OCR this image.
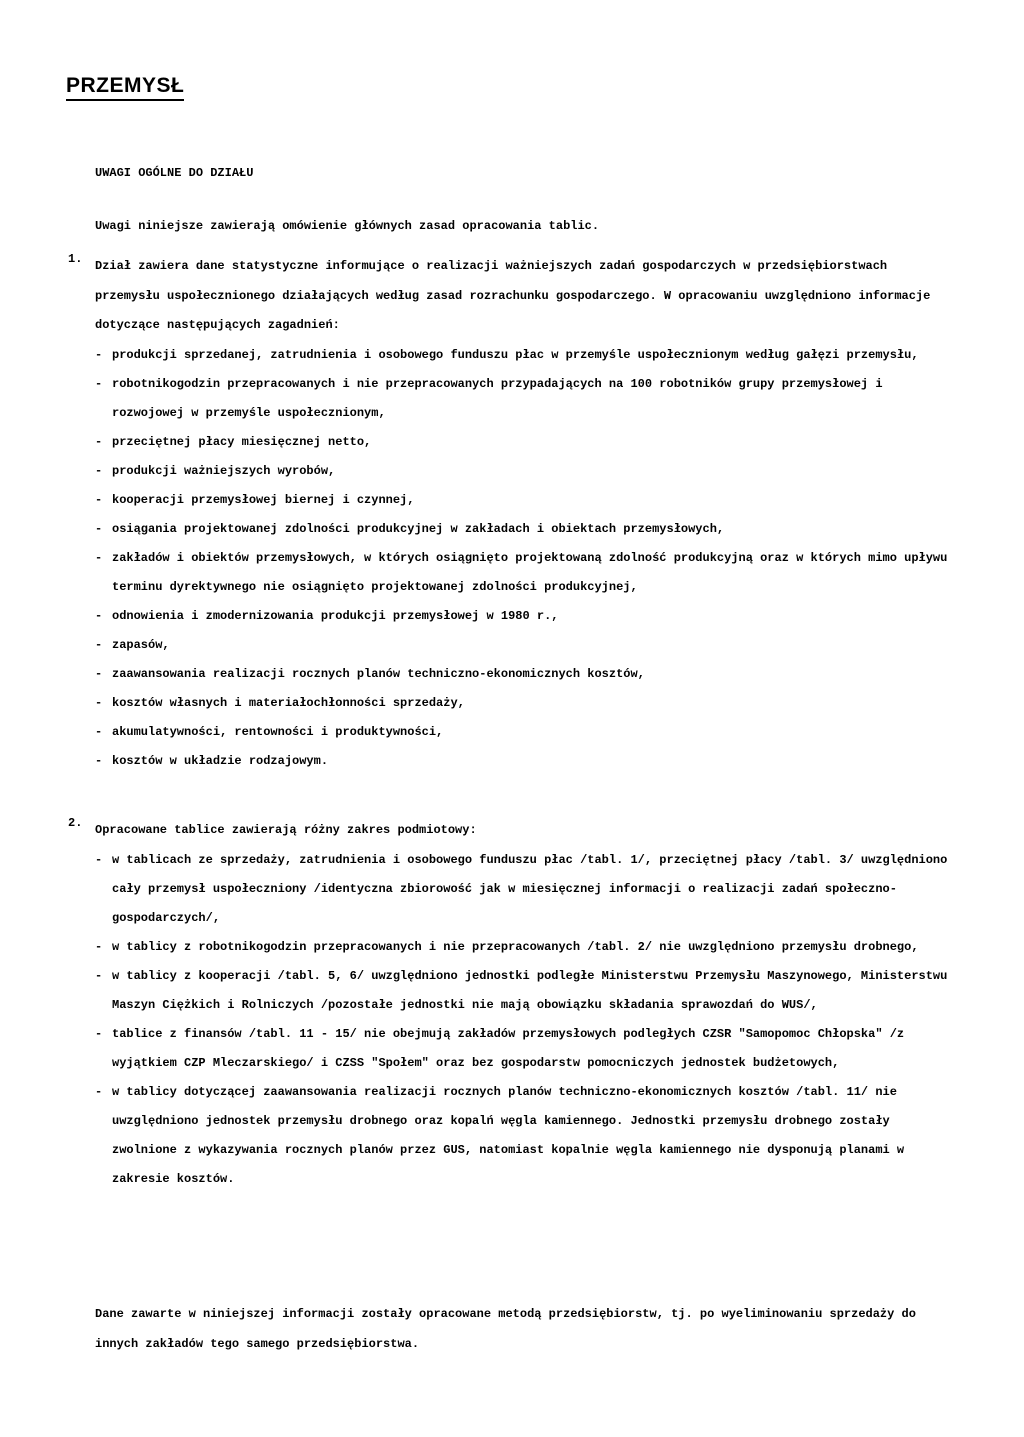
PRZEMYSŁ
UWAGI OGÓLNE DO DZIAŁU
Uwagi niniejsze zawierają omówienie głównych zasad opracowania tablic.
1. Dział zawiera dane statystyczne informujące o realizacji ważniejszych zadań gospodarczych w przedsiębiorstwach przemysłu uspołecznionego działających według zasad rozrachunku gospodarczego. W opracowaniu uwzględniono informacje dotyczące następujących zagadnień:
- produkcji sprzedanej, zatrudnienia i osobowego funduszu płac w przemyśle uspołecznionym według gałęzi przemysłu,
- robotnikogodzin przepracowanych i nie przepracowanych przypadających na 100 robotników grupy przemysłowej i rozwojowej w przemyśle uspołecznionym,
- przeciętnej płacy miesięcznej netto,
- produkcji ważniejszych wyrobów,
- kooperacji przemysłowej biernej i czynnej,
- osiągania projektowanej zdolności produkcyjnej w zakładach i obiektach przemysłowych,
- zakładów i obiektów przemysłowych, w których osiągnięto projektowaną zdolność produkcyjną oraz w których mimo upływu terminu dyrektywnego nie osiągnięto projektowanej zdolności produkcyjnej,
- odnowienia i zmodernizowania produkcji przemysłowej w 1980 r.,
- zapasów,
- zaawansowania realizacji rocznych planów techniczno-ekonomicznych kosztów,
- kosztów własnych i materiałochłonności sprzedaży,
- akumulatywności, rentowności i produktywności,
- kosztów w układzie rodzajowym.
2. Opracowane tablice zawierają różny zakres podmiotowy:
- w tablicach ze sprzedaży, zatrudnienia i osobowego funduszu płac /tabl. 1/, przeciętnej płacy /tabl. 3/ uwzględniono cały przemysł uspołeczniony /identyczna zbiorowość jak w miesięcznej informacji o realizacji zadań społeczno-gospodarczych/,
- w tablicy z robotnikogodzin przepracowanych i nie przepracowanych /tabl. 2/ nie uwzględniono przemysłu drobnego,
- w tablicy z kooperacji /tabl. 5, 6/ uwzględniono jednostki podległe Ministerstwu Przemysłu Maszynowego, Ministerstwu Maszyn Ciężkich i Rolniczych /pozostałe jednostki nie mają obowiązku składania sprawozdań do WUS/,
- tablice z finansów /tabl. 11 - 15/ nie obejmują zakładów przemysłowych podległych CZSR "Samopomoc Chłopska" /z wyjątkiem CZP Mleczarskiego/ i CZSS "Społem" oraz bez gospodarstw pomocniczych jednostek budżetowych,
- w tablicy dotyczącej zaawansowania realizacji rocznych planów techniczno-ekonomicznych kosztów /tabl. 11/ nie uwzględniono jednostek przemysłu drobnego oraz kopalń węgla kamiennego. Jednostki przemysłu drobnego zostały zwolnione z wykazywania rocznych planów przez GUS, natomiast kopalnie węgla kamiennego nie dysponują planami w zakresie kosztów.
Dane zawarte w niniejszej informacji zostały opracowane metodą przedsiębiorstw, tj. po wyeliminowaniu sprzedaży do innych zakładów tego samego przedsiębiorstwa.
